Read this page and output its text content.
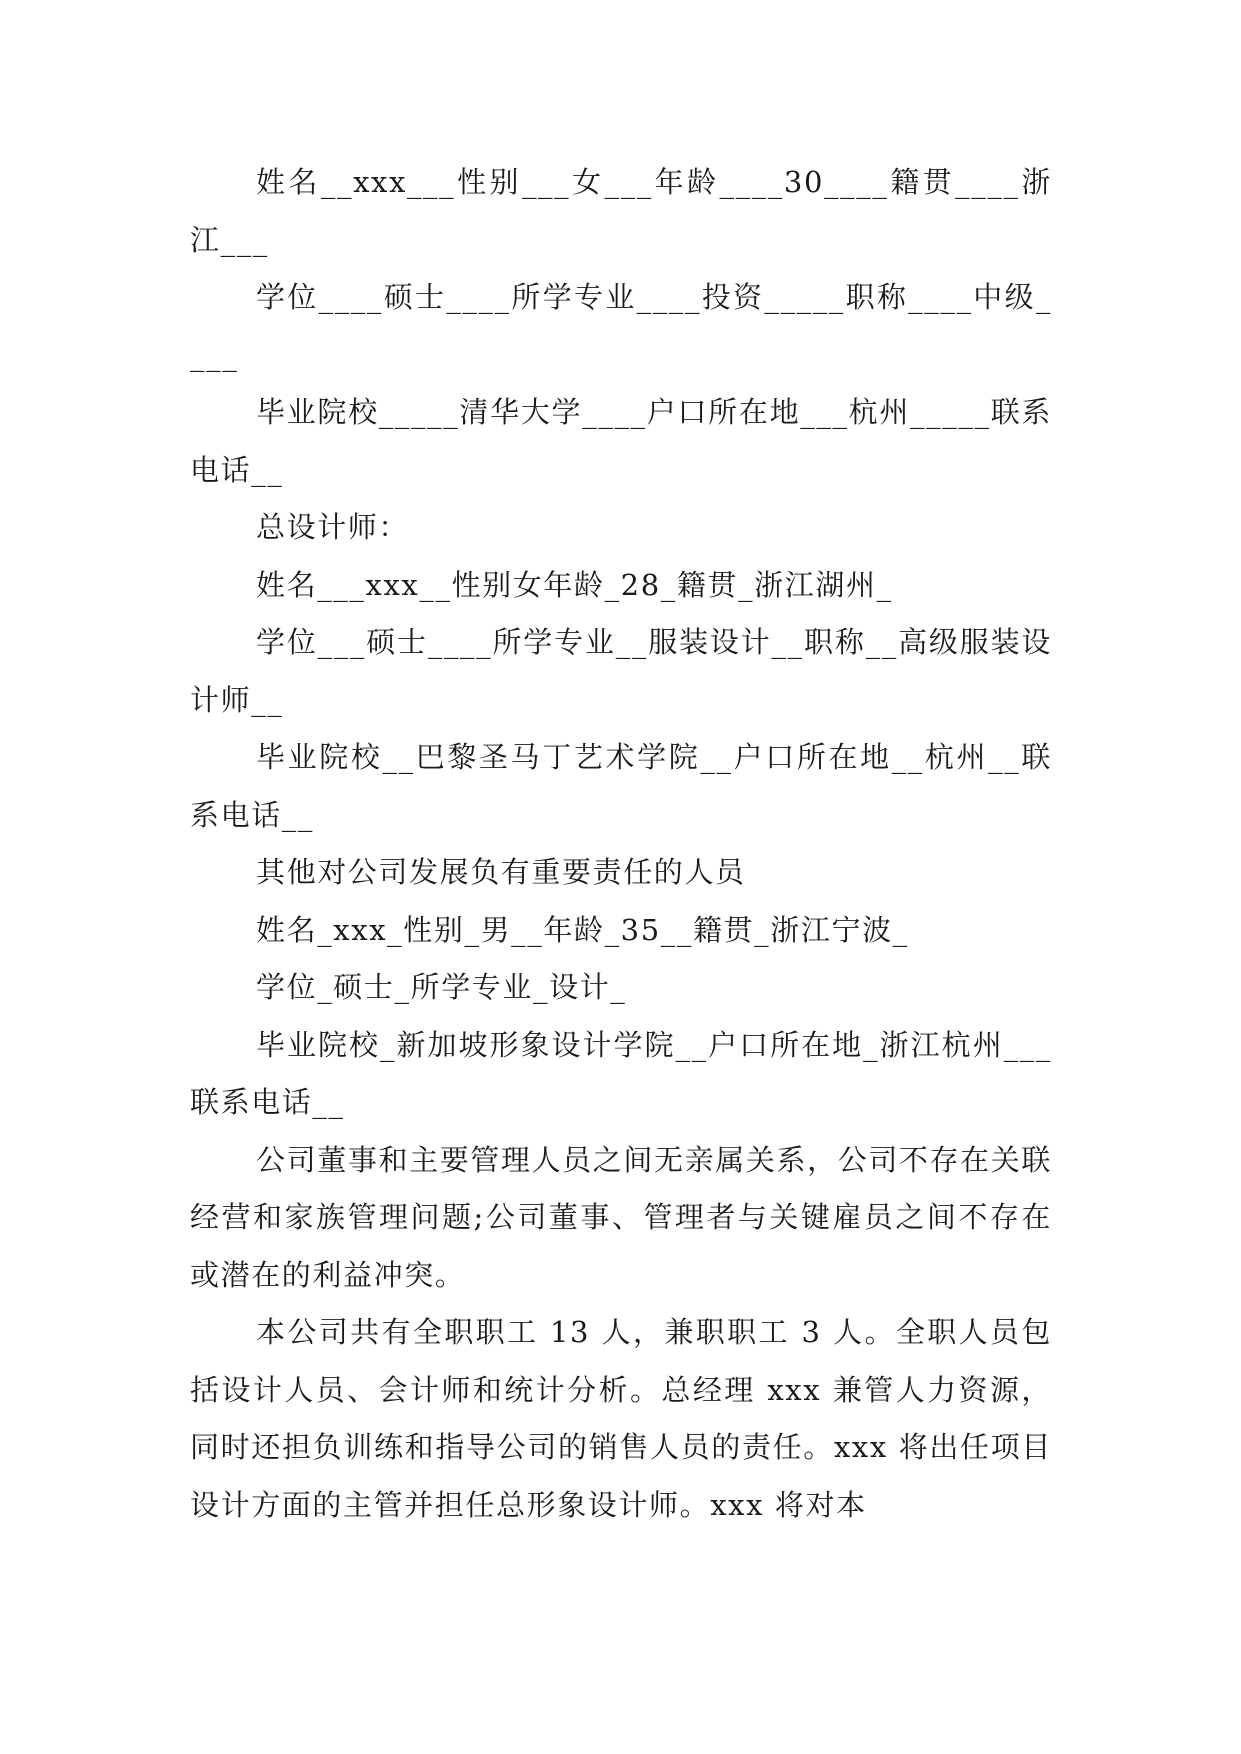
姓名__xxx___性别___女___年龄____30____籍贯____浙江___

学位____硕士____所学专业____投资_____职称____中级____

毕业院校_____清华大学____户口所在地___杭州_____联系电话__

总设计师：

姓名___xxx__性别女年龄_28_籍贯_浙江湖州_

学位___硕士____所学专业__服装设计__职称__高级服装设计师__

毕业院校__巴黎圣马丁艺术学院__户口所在地__杭州__联系电话__

其他对公司发展负有重要责任的人员

姓名_xxx_性别_男__年龄_35__籍贯_浙江宁波_

学位_硕士_所学专业_设计_

毕业院校_新加坡形象设计学院__户口所在地_浙江杭州___联系电话__

公司董事和主要管理人员之间无亲属关系，公司不存在关联经营和家族管理问题;公司董事、管理者与关键雇员之间不存在或潜在的利益冲突。

本公司共有全职职工 13 人，兼职职工 3 人。全职人员包括设计人员、会计师和统计分析。总经理 xxx 兼管人力资源，同时还担负训练和指导公司的销售人员的责任。xxx 将出任项目设计方面的主管并担任总形象设计师。xxx 将对本
